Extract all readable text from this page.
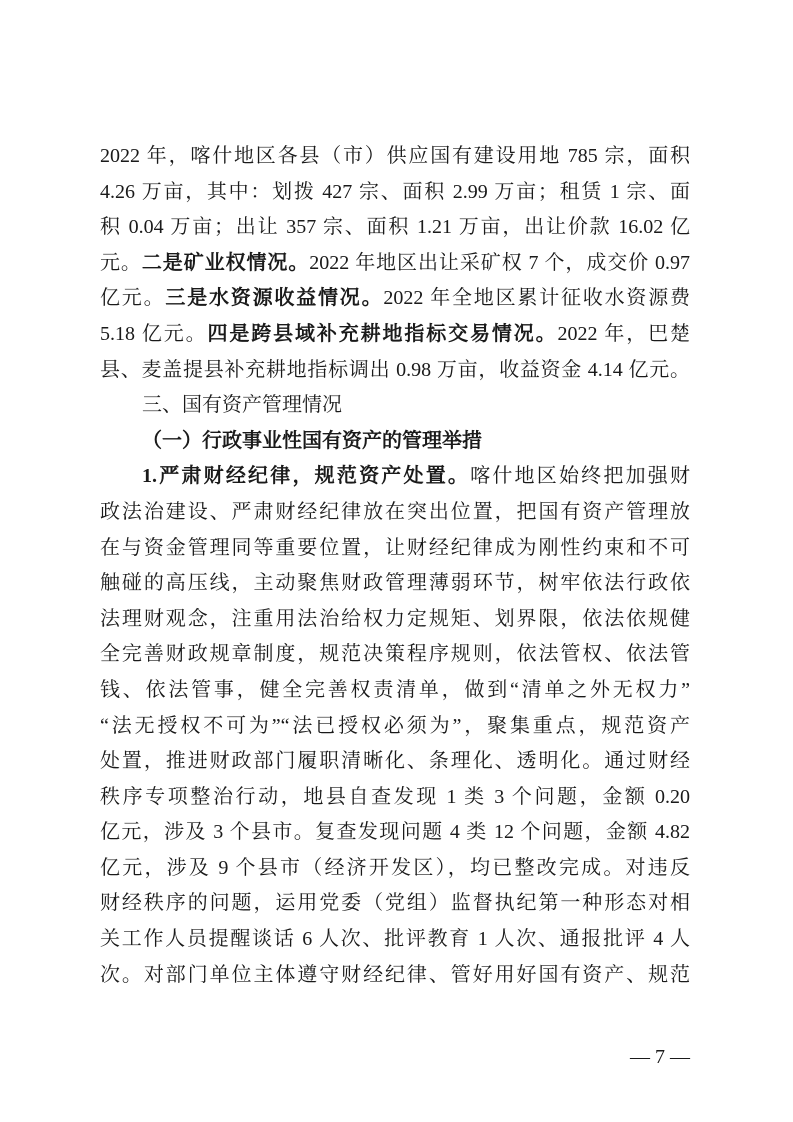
2022 年，喀什地区各县（市）供应国有建设用地 785 宗，面积
4.26 万亩，其中：划拨 427 宗、面积 2.99 万亩；租赁 1 宗、面
积 0.04 万亩；出让 357 宗、面积 1.21 万亩，出让价款 16.02 亿
元。二是矿业权情况。2022 年地区出让采矿权 7 个，成交价 0.97
亿元。三是水资源收益情况。2022 年全地区累计征收水资源费
5.18 亿元。四是跨县域补充耕地指标交易情况。2022 年，巴楚
县、麦盖提县补充耕地指标调出 0.98 万亩，收益资金 4.14 亿元。
三、国有资产管理情况
（一）行政事业性国有资产的管理举措
1.严肃财经纪律，规范资产处置。喀什地区始终把加强财
政法治建设、严肃财经纪律放在突出位置，把国有资产管理放
在与资金管理同等重要位置，让财经纪律成为刚性约束和不可
触碰的高压线，主动聚焦财政管理薄弱环节，树牢依法行政依
法理财观念，注重用法治给权力定规矩、划界限，依法依规健
全完善财政规章制度，规范决策程序规则，依法管权、依法管
钱、依法管事，健全完善权责清单，做到“清单之外无权力”
“法无授权不可为”“法已授权必须为”，聚集重点，规范资产
处置，推进财政部门履职清晰化、条理化、透明化。通过财经
秩序专项整治行动，地县自查发现 1 类 3 个问题，金额 0.20
亿元，涉及 3 个县市。复查发现问题 4 类 12 个问题，金额 4.82
亿元，涉及 9 个县市（经济开发区），均已整改完成。对违反
财经秩序的问题，运用党委（党组）监督执纪第一种形态对相
关工作人员提醒谈话 6 人次、批评教育 1 人次、通报批评 4 人
次。对部门单位主体遵守财经纪律、管好用好国有资产、规范
— 7 —
